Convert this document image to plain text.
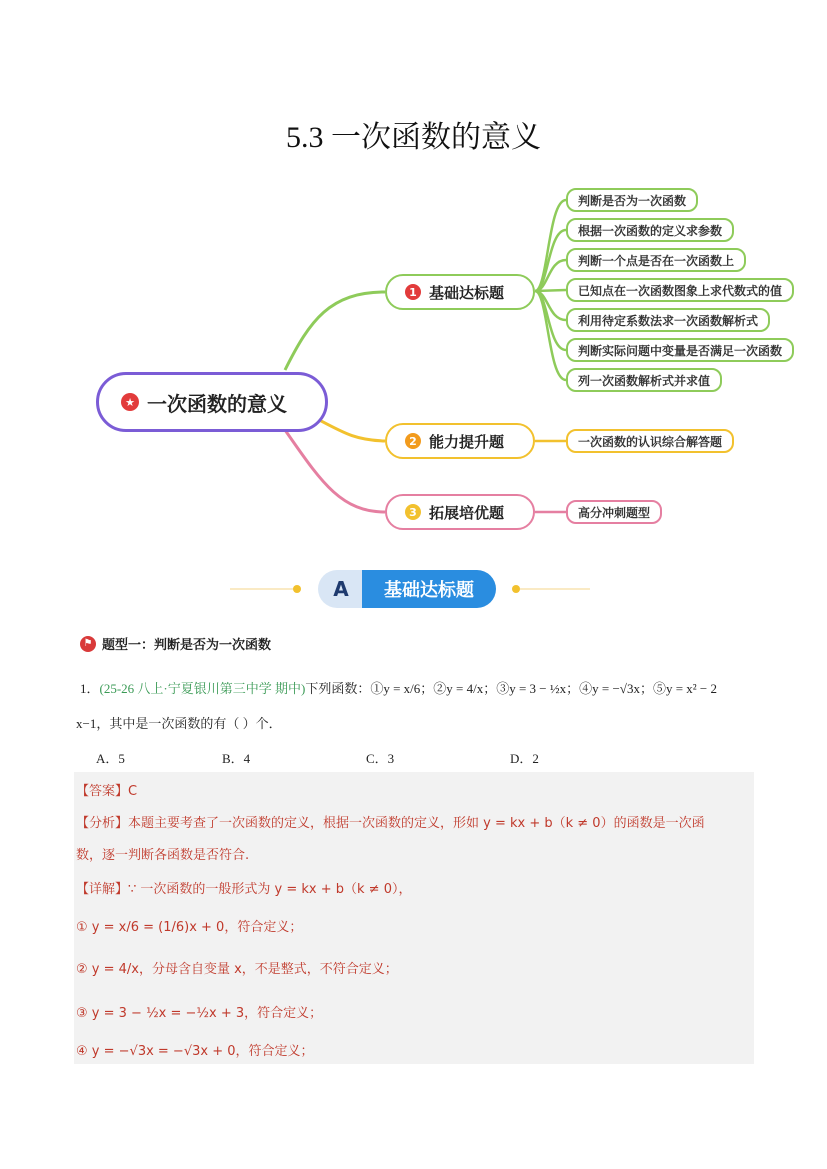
5.3 一次函数的意义
★ 一次函数的意义
1 基础达标题
2 能力提升题
3 拓展培优题
判断是否为一次函数
根据一次函数的定义求参数
判断一个点是否在一次函数上
已知点在一次函数图象上求代数式的值
利用待定系数法求一次函数解析式
判断实际问题中变量是否满足一次函数
列一次函数解析式并求值
一次函数的认识综合解答题
高分冲刺题型
A	基础达标题
⚑ 题型一：判断是否为一次函数
1．(25-26 八上·宁夏银川第三中学 期中)下列函数：①y = x/6；②y = 4/x；③y = 3 − ½x；④y = −√3x；⑤y = x² − 2
x−1，其中是一次函数的有（ ）个．
A．5	B．4	C．3	D．2
【答案】C
【分析】本题主要考查了一次函数的定义，根据一次函数的定义，形如 y = kx + b（k ≠ 0）的函数是一次函
数，逐一判断各函数是否符合.
【详解】∵ 一次函数的一般形式为 y = kx + b（k ≠ 0），
① y = x/6 = (1/6)x + 0，符合定义；
② y = 4/x，分母含自变量 x，不是整式，不符合定义；
③ y = 3 − ½x = −½x + 3，符合定义；
④ y = −√3x = −√3x + 0，符合定义；
